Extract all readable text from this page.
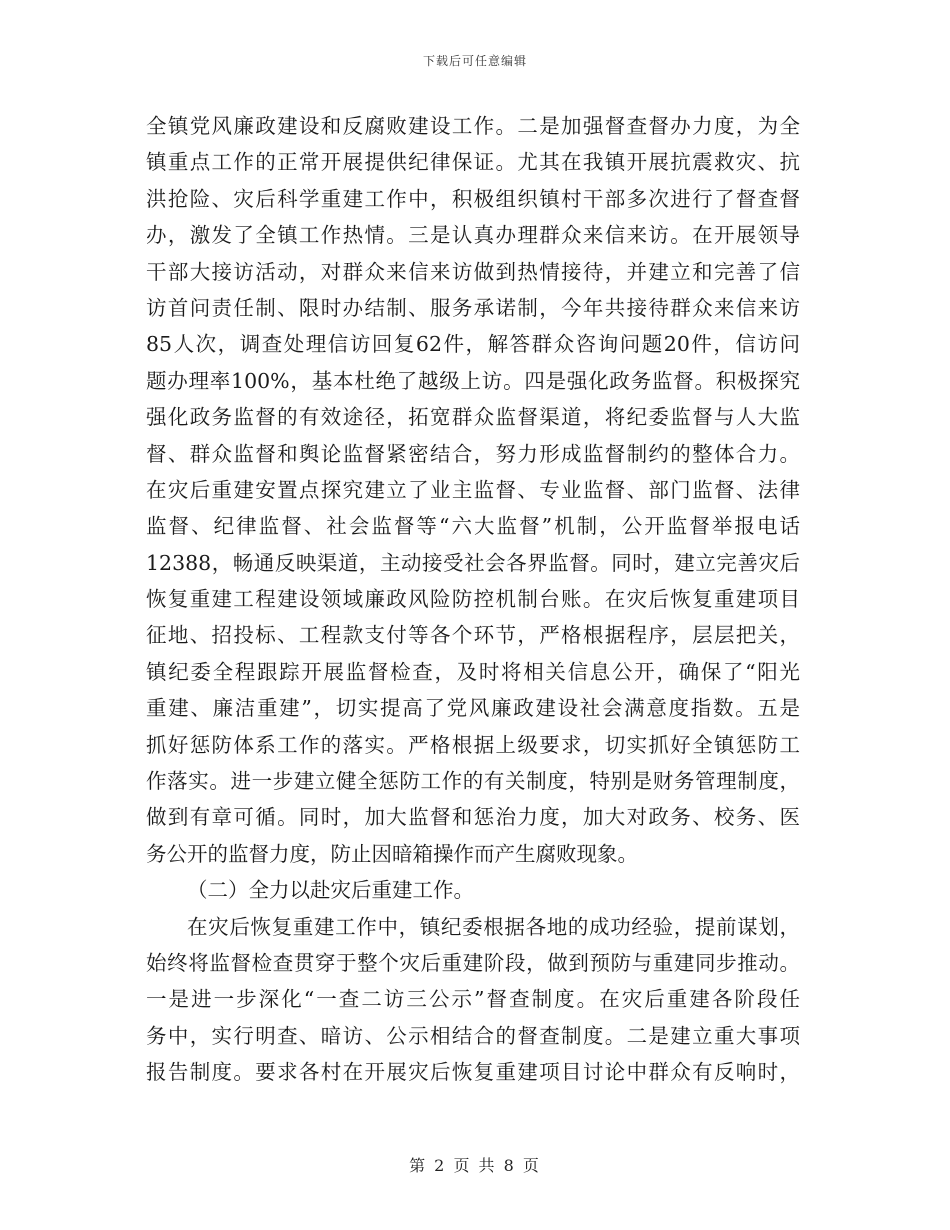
下载后可任意编辑
全镇党风廉政建设和反腐败建设工作。二是加强督查督办力度，为全
镇重点工作的正常开展提供纪律保证。尤其在我镇开展抗震救灾、抗
洪抢险、灾后科学重建工作中，积极组织镇村干部多次进行了督查督
办，激发了全镇工作热情。三是认真办理群众来信来访。在开展领导
干部大接访活动，对群众来信来访做到热情接待，并建立和完善了信
访首问责任制、限时办结制、服务承诺制，今年共接待群众来信来访
85人次，调查处理信访回复62件，解答群众咨询问题20件，信访问
题办理率100%，基本杜绝了越级上访。四是强化政务监督。积极探究
强化政务监督的有效途径，拓宽群众监督渠道，将纪委监督与人大监
督、群众监督和舆论监督紧密结合，努力形成监督制约的整体合力。
在灾后重建安置点探究建立了业主监督、专业监督、部门监督、法律
监督、纪律监督、社会监督等“六大监督”机制，公开监督举报电话
12388，畅通反映渠道，主动接受社会各界监督。同时，建立完善灾后
恢复重建工程建设领域廉政风险防控机制台账。在灾后恢复重建项目
征地、招投标、工程款支付等各个环节，严格根据程序，层层把关，
镇纪委全程跟踪开展监督检查，及时将相关信息公开，确保了“阳光
重建、廉洁重建”，切实提高了党风廉政建设社会满意度指数。五是
抓好惩防体系工作的落实。严格根据上级要求，切实抓好全镇惩防工
作落实。进一步建立健全惩防工作的有关制度，特别是财务管理制度，
做到有章可循。同时，加大监督和惩治力度，加大对政务、校务、医
务公开的监督力度，防止因暗箱操作而产生腐败现象。
（二）全力以赴灾后重建工作。
在灾后恢复重建工作中，镇纪委根据各地的成功经验，提前谋划，
始终将监督检查贯穿于整个灾后重建阶段，做到预防与重建同步推动。
一是进一步深化“一查二访三公示”督查制度。在灾后重建各阶段任
务中，实行明查、暗访、公示相结合的督查制度。二是建立重大事项
报告制度。要求各村在开展灾后恢复重建项目讨论中群众有反响时，
第 2 页 共 8 页
